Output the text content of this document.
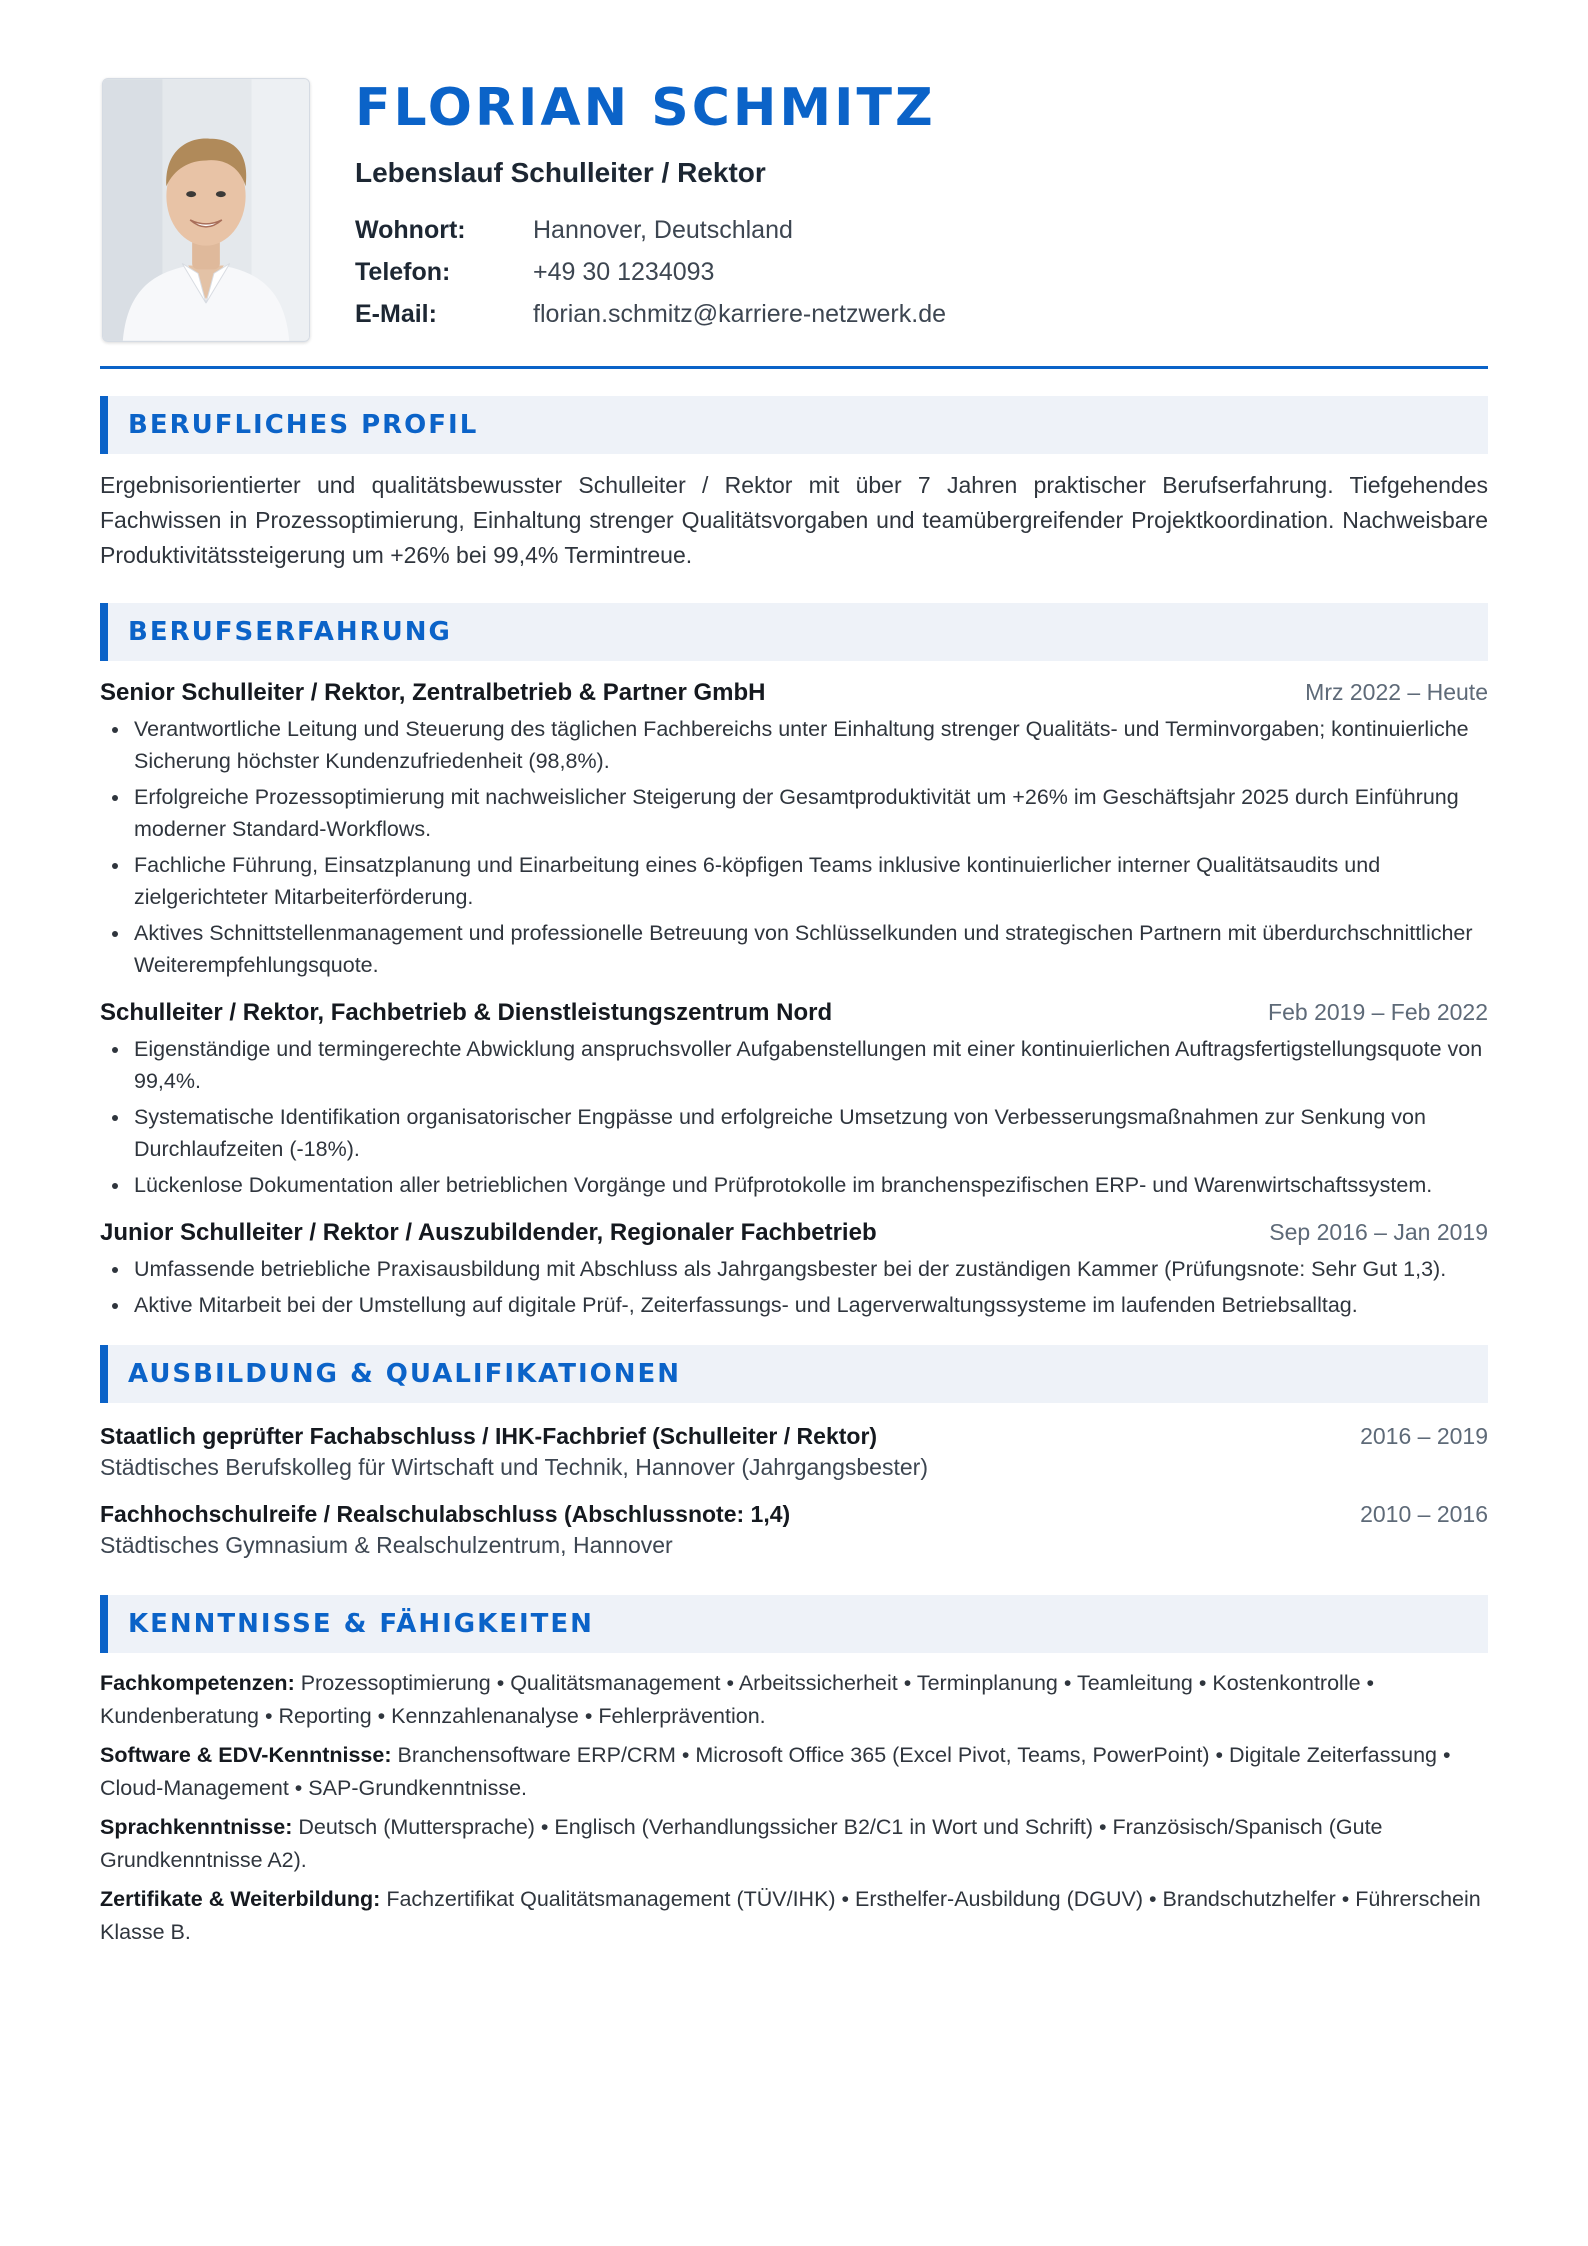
FLORIAN SCHMITZ
Lebenslauf Schulleiter / Rektor
Wohnort:	Hannover, Deutschland
Telefon:	+49 30 1234093
E-Mail:	florian.schmitz@karriere-netzwerk.de
BERUFLICHES PROFIL

Ergebnisorientierter und qualitätsbewusster Schulleiter / Rektor mit über 7 Jahren praktischer Berufserfahrung. Tiefgehendes Fachwissen in Prozessoptimierung, Einhaltung strenger Qualitätsvorgaben und teamübergreifender Projektkoordination. Nachweisbare Produktivitätssteigerung um +26% bei 99,4% Termintreue.

BERUFSERFAHRUNG
Senior Schulleiter / Rektor, Zentralbetrieb & Partner GmbH	Mrz 2022 – Heute
Verantwortliche Leitung und Steuerung des täglichen Fachbereichs unter Einhaltung strenger Qualitäts- und Terminvorgaben; kontinuierliche Sicherung höchster Kundenzufriedenheit (98,8%).
Erfolgreiche Prozessoptimierung mit nachweislicher Steigerung der Gesamtproduktivität um +26% im Geschäftsjahr 2025 durch Einführung moderner Standard-Workflows.
Fachliche Führung, Einsatzplanung und Einarbeitung eines 6-köpfigen Teams inklusive kontinuierlicher interner Qualitätsaudits und zielgerichteter Mitarbeiterförderung.
Aktives Schnittstellenmanagement und professionelle Betreuung von Schlüsselkunden und strategischen Partnern mit überdurchschnittlicher Weiterempfehlungsquote.
Schulleiter / Rektor, Fachbetrieb & Dienstleistungszentrum Nord	Feb 2019 – Feb 2022
Eigenständige und termingerechte Abwicklung anspruchsvoller Aufgabenstellungen mit einer kontinuierlichen Auftragsfertigstellungsquote von 99,4%.
Systematische Identifikation organisatorischer Engpässe und erfolgreiche Umsetzung von Verbesserungsmaßnahmen zur Senkung von Durchlaufzeiten (-18%).
Lückenlose Dokumentation aller betrieblichen Vorgänge und Prüfprotokolle im branchenspezifischen ERP- und Warenwirtschaftssystem.
Junior Schulleiter / Rektor / Auszubildender, Regionaler Fachbetrieb	Sep 2016 – Jan 2019
Umfassende betriebliche Praxisausbildung mit Abschluss als Jahrgangsbester bei der zuständigen Kammer (Prüfungsnote: Sehr Gut 1,3).
Aktive Mitarbeit bei der Umstellung auf digitale Prüf-, Zeiterfassungs- und Lagerverwaltungssysteme im laufenden Betriebsalltag.
AUSBILDUNG & QUALIFIKATIONEN
Staatlich geprüfter Fachabschluss / IHK-Fachbrief (Schulleiter / Rektor)	2016 – 2019
Städtisches Berufskolleg für Wirtschaft und Technik, Hannover (Jahrgangsbester)
Fachhochschulreife / Realschulabschluss (Abschlussnote: 1,4)	2010 – 2016
Städtisches Gymnasium & Realschulzentrum, Hannover
KENNTNISSE & FÄHIGKEITEN

Fachkompetenzen: Prozessoptimierung • Qualitätsmanagement • Arbeitssicherheit • Terminplanung • Teamleitung • Kostenkontrolle • Kundenberatung • Reporting • Kennzahlenanalyse • Fehlerprävention.

Software & EDV-Kenntnisse: Branchensoftware ERP/CRM • Microsoft Office 365 (Excel Pivot, Teams, PowerPoint) • Digitale Zeiterfassung • Cloud-Management • SAP-Grundkenntnisse.

Sprachkenntnisse: Deutsch (Muttersprache) • Englisch (Verhandlungssicher B2/C1 in Wort und Schrift) • Französisch/Spanisch (Gute Grundkenntnisse A2).

Zertifikate & Weiterbildung: Fachzertifikat Qualitätsmanagement (TÜV/IHK) • Ersthelfer-Ausbildung (DGUV) • Brandschutzhelfer • Führerschein Klasse B.
